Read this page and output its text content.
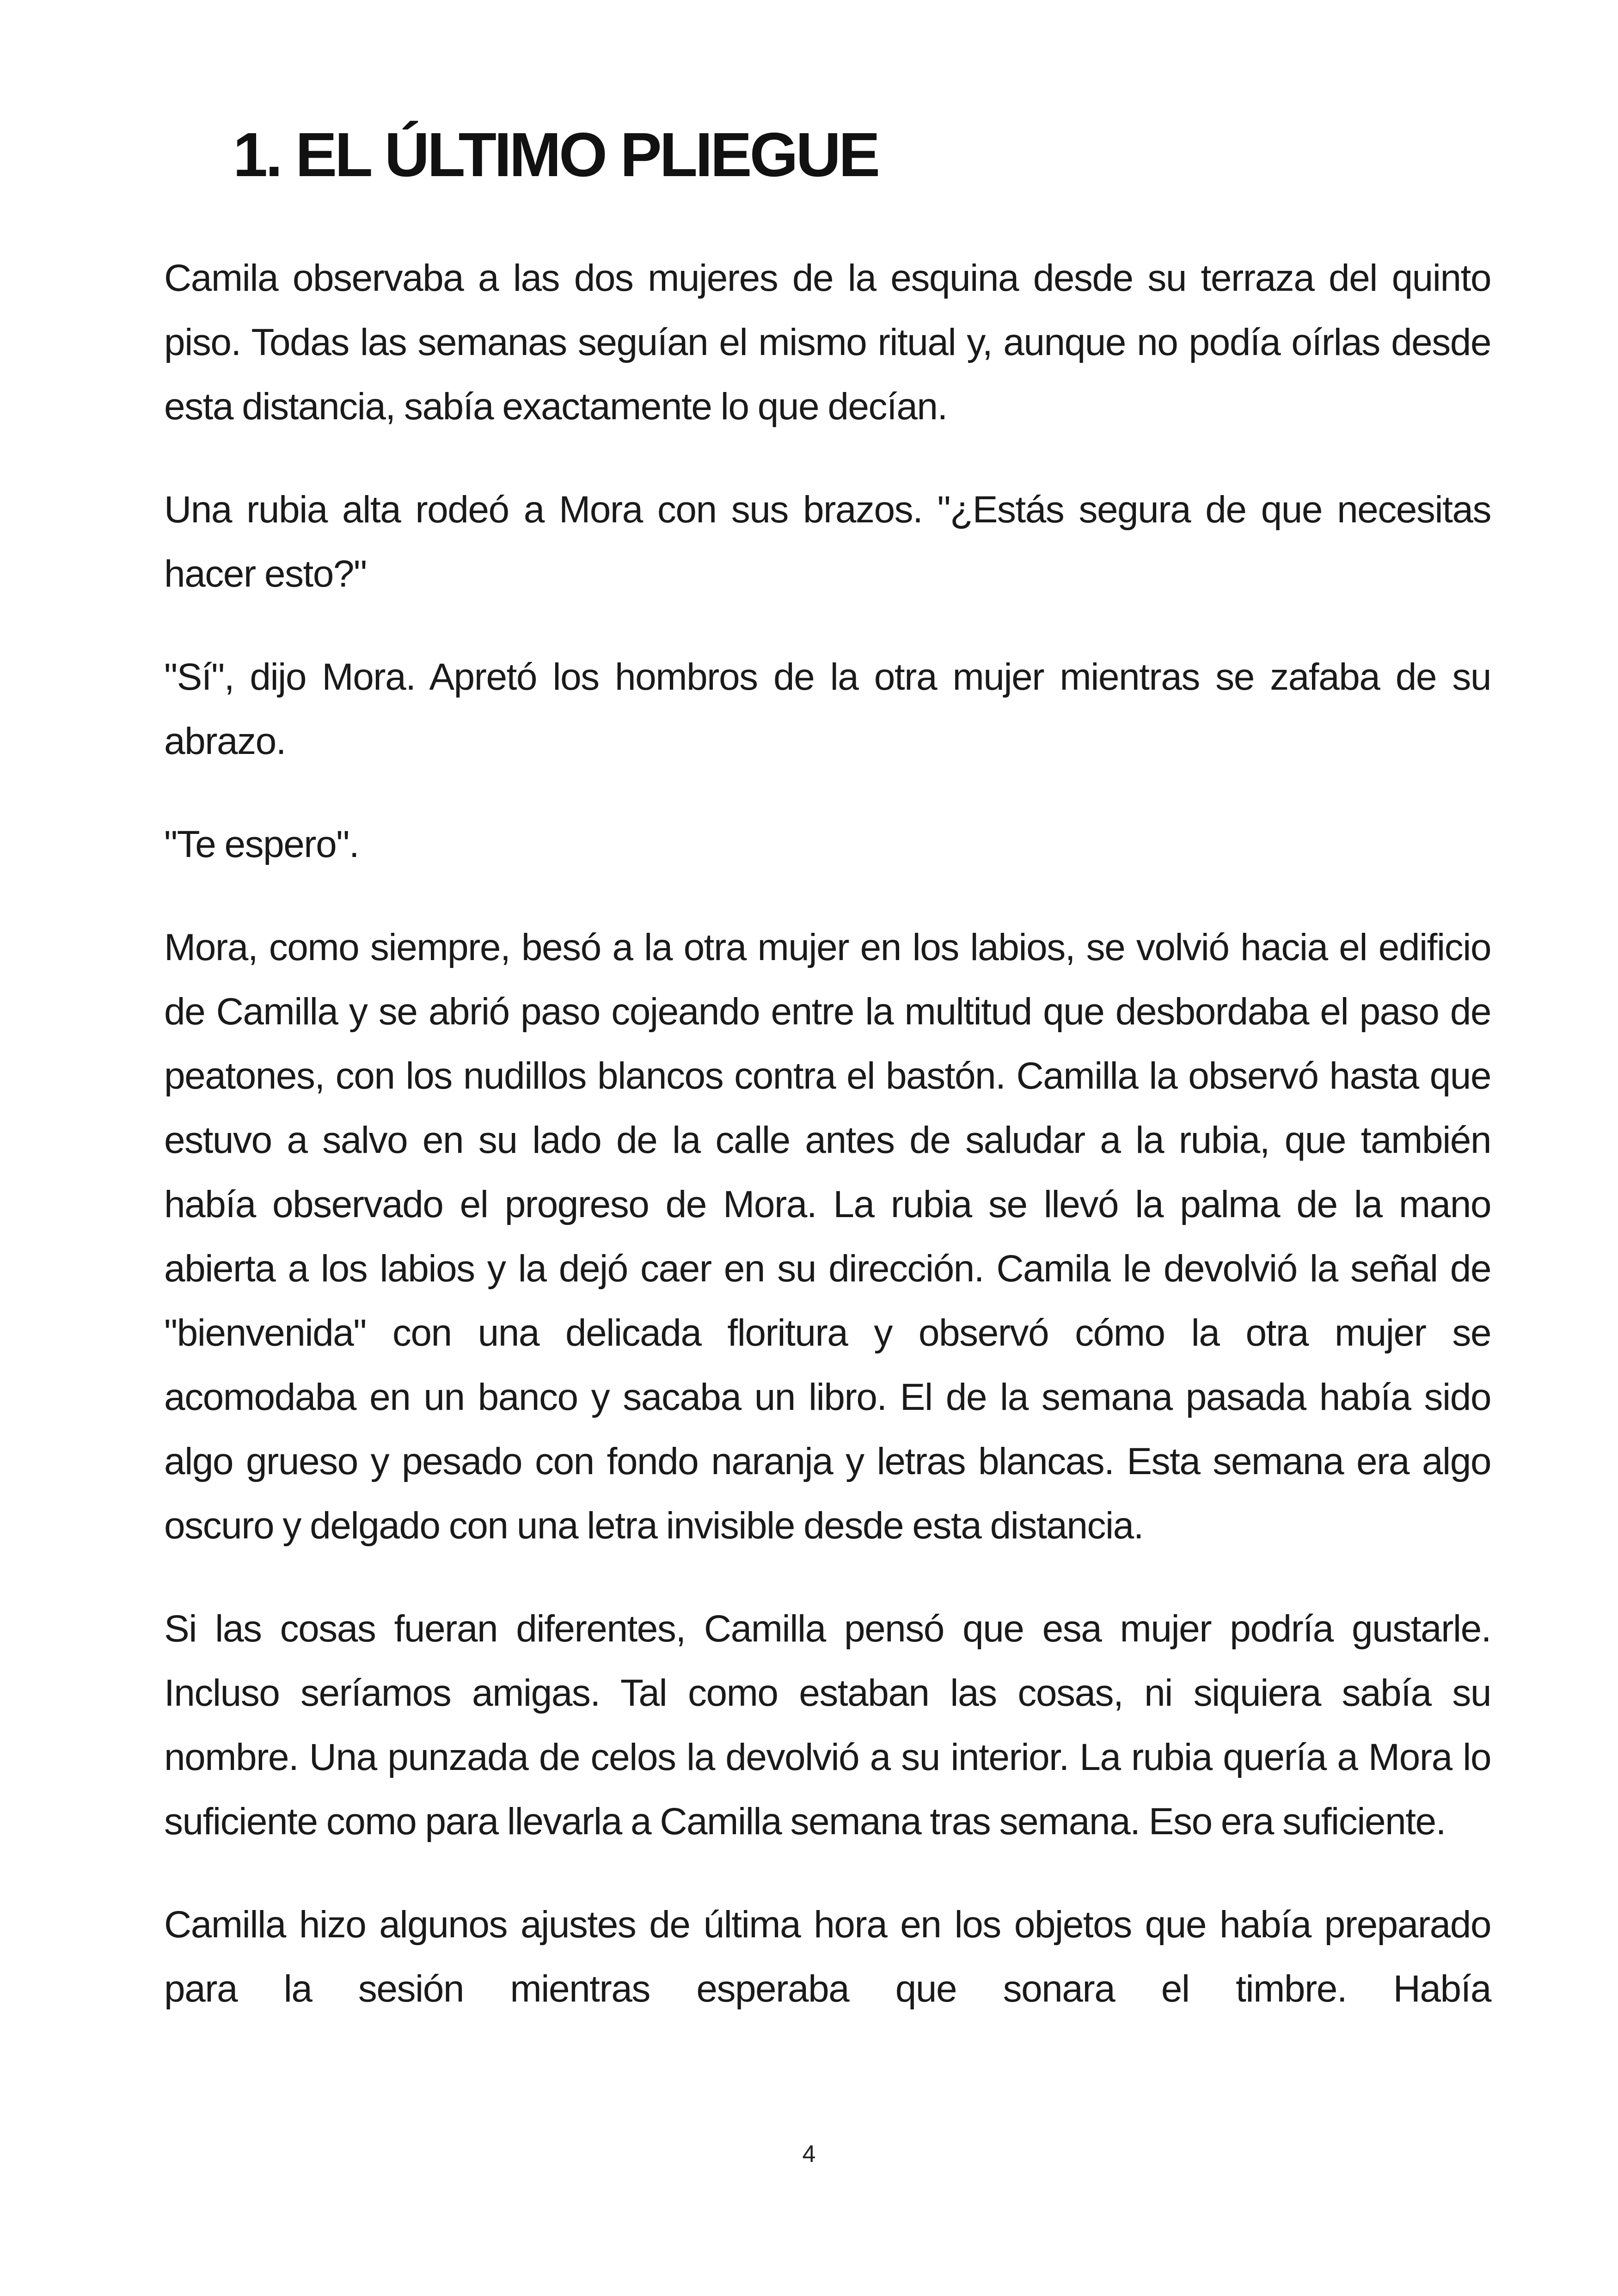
1. EL ÚLTIMO PLIEGUE

Camila observaba a las dos mujeres de la esquina desde su terraza del quinto piso. Todas las semanas seguían el mismo ritual y, aunque no podía oírlas desde esta distancia, sabía exactamente lo que decían.

Una rubia alta rodeó a Mora con sus brazos. "¿Estás segura de que necesitas hacer esto?"

"Sí", dijo Mora. Apretó los hombros de la otra mujer mientras se zafaba de su abrazo.

"Te espero".

Mora, como siempre, besó a la otra mujer en los labios, se volvió hacia el edificio de Camilla y se abrió paso cojeando entre la multitud que desbordaba el paso de peatones, con los nudillos blancos contra el bastón. Camilla la observó hasta que estuvo a salvo en su lado de la calle antes de saludar a la rubia, que también había observado el progreso de Mora. La rubia se llevó la palma de la mano abierta a los labios y la dejó caer en su dirección. Camila le devolvió la señal de "bienvenida" con una delicada floritura y observó cómo la otra mujer se acomodaba en un banco y sacaba un libro. El de la semana pasada había sido algo grueso y pesado con fondo naranja y letras blancas. Esta semana era algo oscuro y delgado con una letra invisible desde esta distancia.

Si las cosas fueran diferentes, Camilla pensó que esa mujer podría gustarle. Incluso seríamos amigas. Tal como estaban las cosas, ni siquiera sabía su nombre. Una punzada de celos la devolvió a su interior. La rubia quería a Mora lo suficiente como para llevarla a Camilla semana tras semana. Eso era suficiente.

Camilla hizo algunos ajustes de última hora en los objetos que había preparado para la sesión mientras esperaba que sonara el timbre. Había

4
